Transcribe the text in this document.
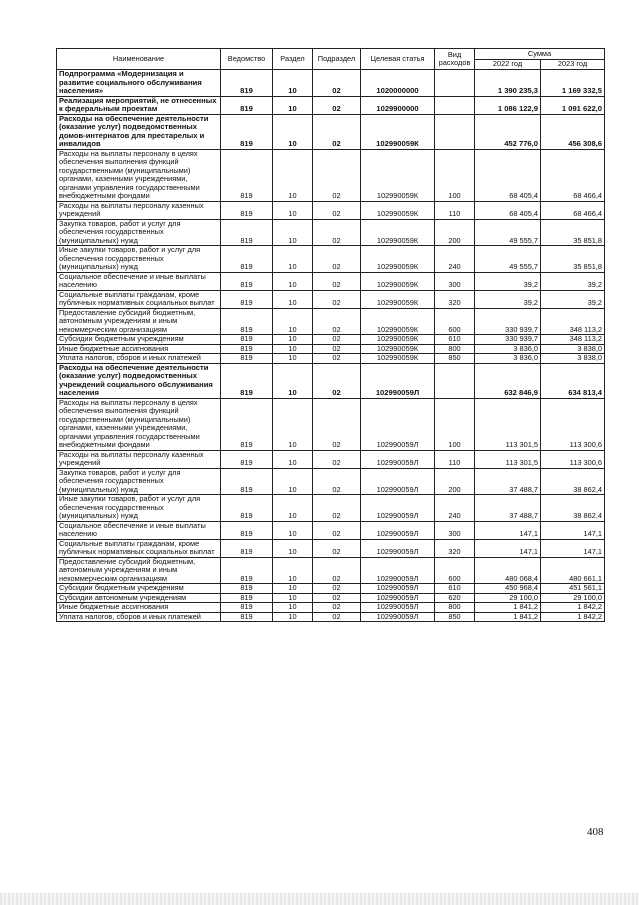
Наименование	Ведомство	Раздел	Подраздел	Целевая статья	Вид расходов	Сумма	
						2022 год	2023 год
Подпрограмма «Модернизация и развитие социального обслуживания населения»	819	10	02	1020000000		1 390 235,3	1 169 332,5
Реализация мероприятий, не отнесенных к федеральным проектам	819	10	02	1029900000		1 086 122,9	1 091 622,0
Расходы на обеспечение деятельности (оказание услуг) подведомственных домов-интернатов для престарелых и инвалидов	819	10	02	102990059К		452 776,0	456 308,6
Расходы на выплаты персоналу в целях обеспечения выполнения функций государственными (муниципальными) органами, казенными учреждениями, органами управления государственными внебюджетными фондами	819	10	02	102990059К	100	68 405,4	68 466,4
Расходы на выплаты персоналу казенных учреждений	819	10	02	102990059К	110	68 405,4	68 466,4
Закупка товаров, работ и услуг для обеспечения государственных (муниципальных) нужд	819	10	02	102990059К	200	49 555,7	35 851,8
Иные закупки товаров, работ и услуг для обеспечения государственных (муниципальных) нужд	819	10	02	102990059К	240	49 555,7	35 851,8
Социальное обеспечение и иные выплаты населению	819	10	02	102990059К	300	39,2	39,2
Социальные выплаты гражданам, кроме публичных нормативных социальных выплат	819	10	02	102990059К	320	39,2	39,2
Предоставление субсидий бюджетным, автономным учреждениям и иным некоммерческим организациям	819	10	02	102990059К	600	330 939,7	348 113,2
Субсидии бюджетным учреждениям	819	10	02	102990059К	610	330 939,7	348 113,2
Иные бюджетные ассигнования	819	10	02	102990059К	800	3 836,0	3 838,0
Уплата налогов, сборов и иных платежей	819	10	02	102990059К	850	3 836,0	3 838,0
Расходы на обеспечение деятельности (оказание услуг) подведомственных учреждений социального обслуживания населения	819	10	02	102990059Л		632 846,9	634 813,4
Расходы на выплаты персоналу в целях обеспечения выполнения функций государственными (муниципальными) органами, казенными учреждениями, органами управления государственными внебюджетными фондами	819	10	02	102990059Л	100	113 301,5	113 300,6
Расходы на выплаты персоналу казенных учреждений	819	10	02	102990059Л	110	113 301,5	113 300,6
Закупка товаров, работ и услуг для обеспечения государственных (муниципальных) нужд	819	10	02	102990059Л	200	37 488,7	38 862,4
Иные закупки товаров, работ и услуг для обеспечения государственных (муниципальных) нужд	819	10	02	102990059Л	240	37 488,7	38 862,4
Социальное обеспечение и иные выплаты населению	819	10	02	102990059Л	300	147,1	147,1
Социальные выплаты гражданам, кроме публичных нормативных социальных выплат	819	10	02	102990059Л	320	147,1	147,1
Предоставление субсидий бюджетным, автономным учреждениям и иным некоммерческим организациям	819	10	02	102990059Л	600	480 068,4	480 661,1
Субсидии бюджетным учреждениям	819	10	02	102990059Л	610	450 968,4	451 561,1
Субсидии автономным учреждениям	819	10	02	102990059Л	620	29 100,0	29 100,0
Иные бюджетные ассигнования	819	10	02	102990059Л	800	1 841,2	1 842,2
Уплата налогов, сборов и иных платежей	819	10	02	102990059Л	850	1 841,2	1 842,2
408
